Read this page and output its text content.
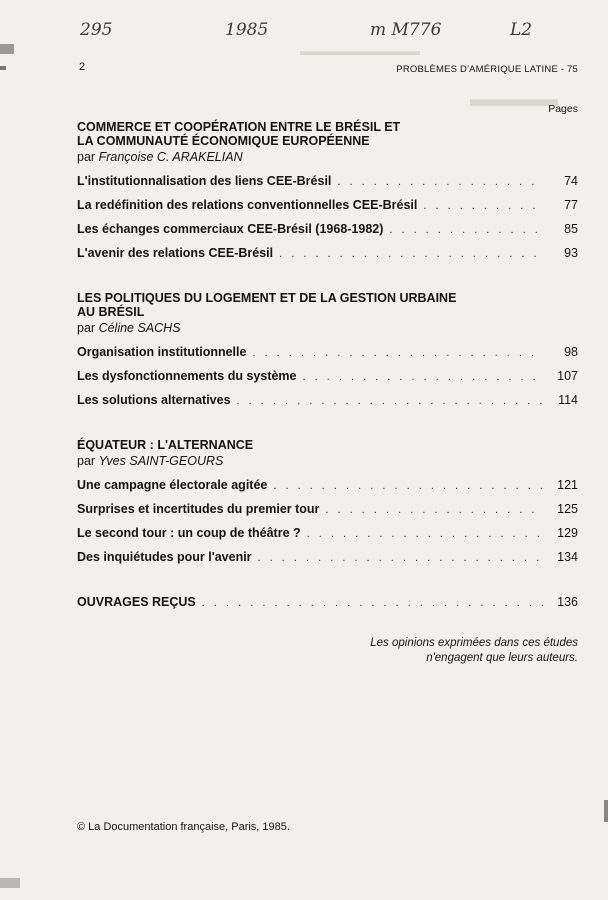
▬▬▬▬
▬▬▬▬▬▬▬▬▬▬
295	1985	m M776	L2
2	PROBLÈMES D'AMÉRIQUE LATINE - 75
Pages
COMMERCE ET COOPÉRATION ENTRE LE BRÉSIL ET
LA COMMUNAUTÉ ÉCONOMIQUE EUROPÉENNE
par Françoise C. ARAKELIAN
L'institutionnalisation des liens CEE-Brésil . . .	74
La redéfinition des relations conventionnelles CEE-Brésil . . .	77
Les échanges commerciaux CEE-Brésil (1968-1982) . . .	85
L'avenir des relations CEE-Brésil . . .	93
LES POLITIQUES DU LOGEMENT ET DE LA GESTION URBAINE
AU BRÉSIL
par Céline SACHS
Organisation institutionnelle . . .	98
Les dysfonctionnements du système . . .	107
Les solutions alternatives . . .	114
ÉQUATEUR : L'ALTERNANCE
par Yves SAINT-GEOURS
Une campagne électorale agitée . . .	121
Surprises et incertitudes du premier tour . . .	125
Le second tour : un coup de théâtre ? . . .	129
Des inquiétudes pour l'avenir . . .	134
OUVRAGES REÇUS . . .	136
Les opinions exprimées dans ces études
n'engagent que leurs auteurs.
© La Documentation française, Paris, 1985.
